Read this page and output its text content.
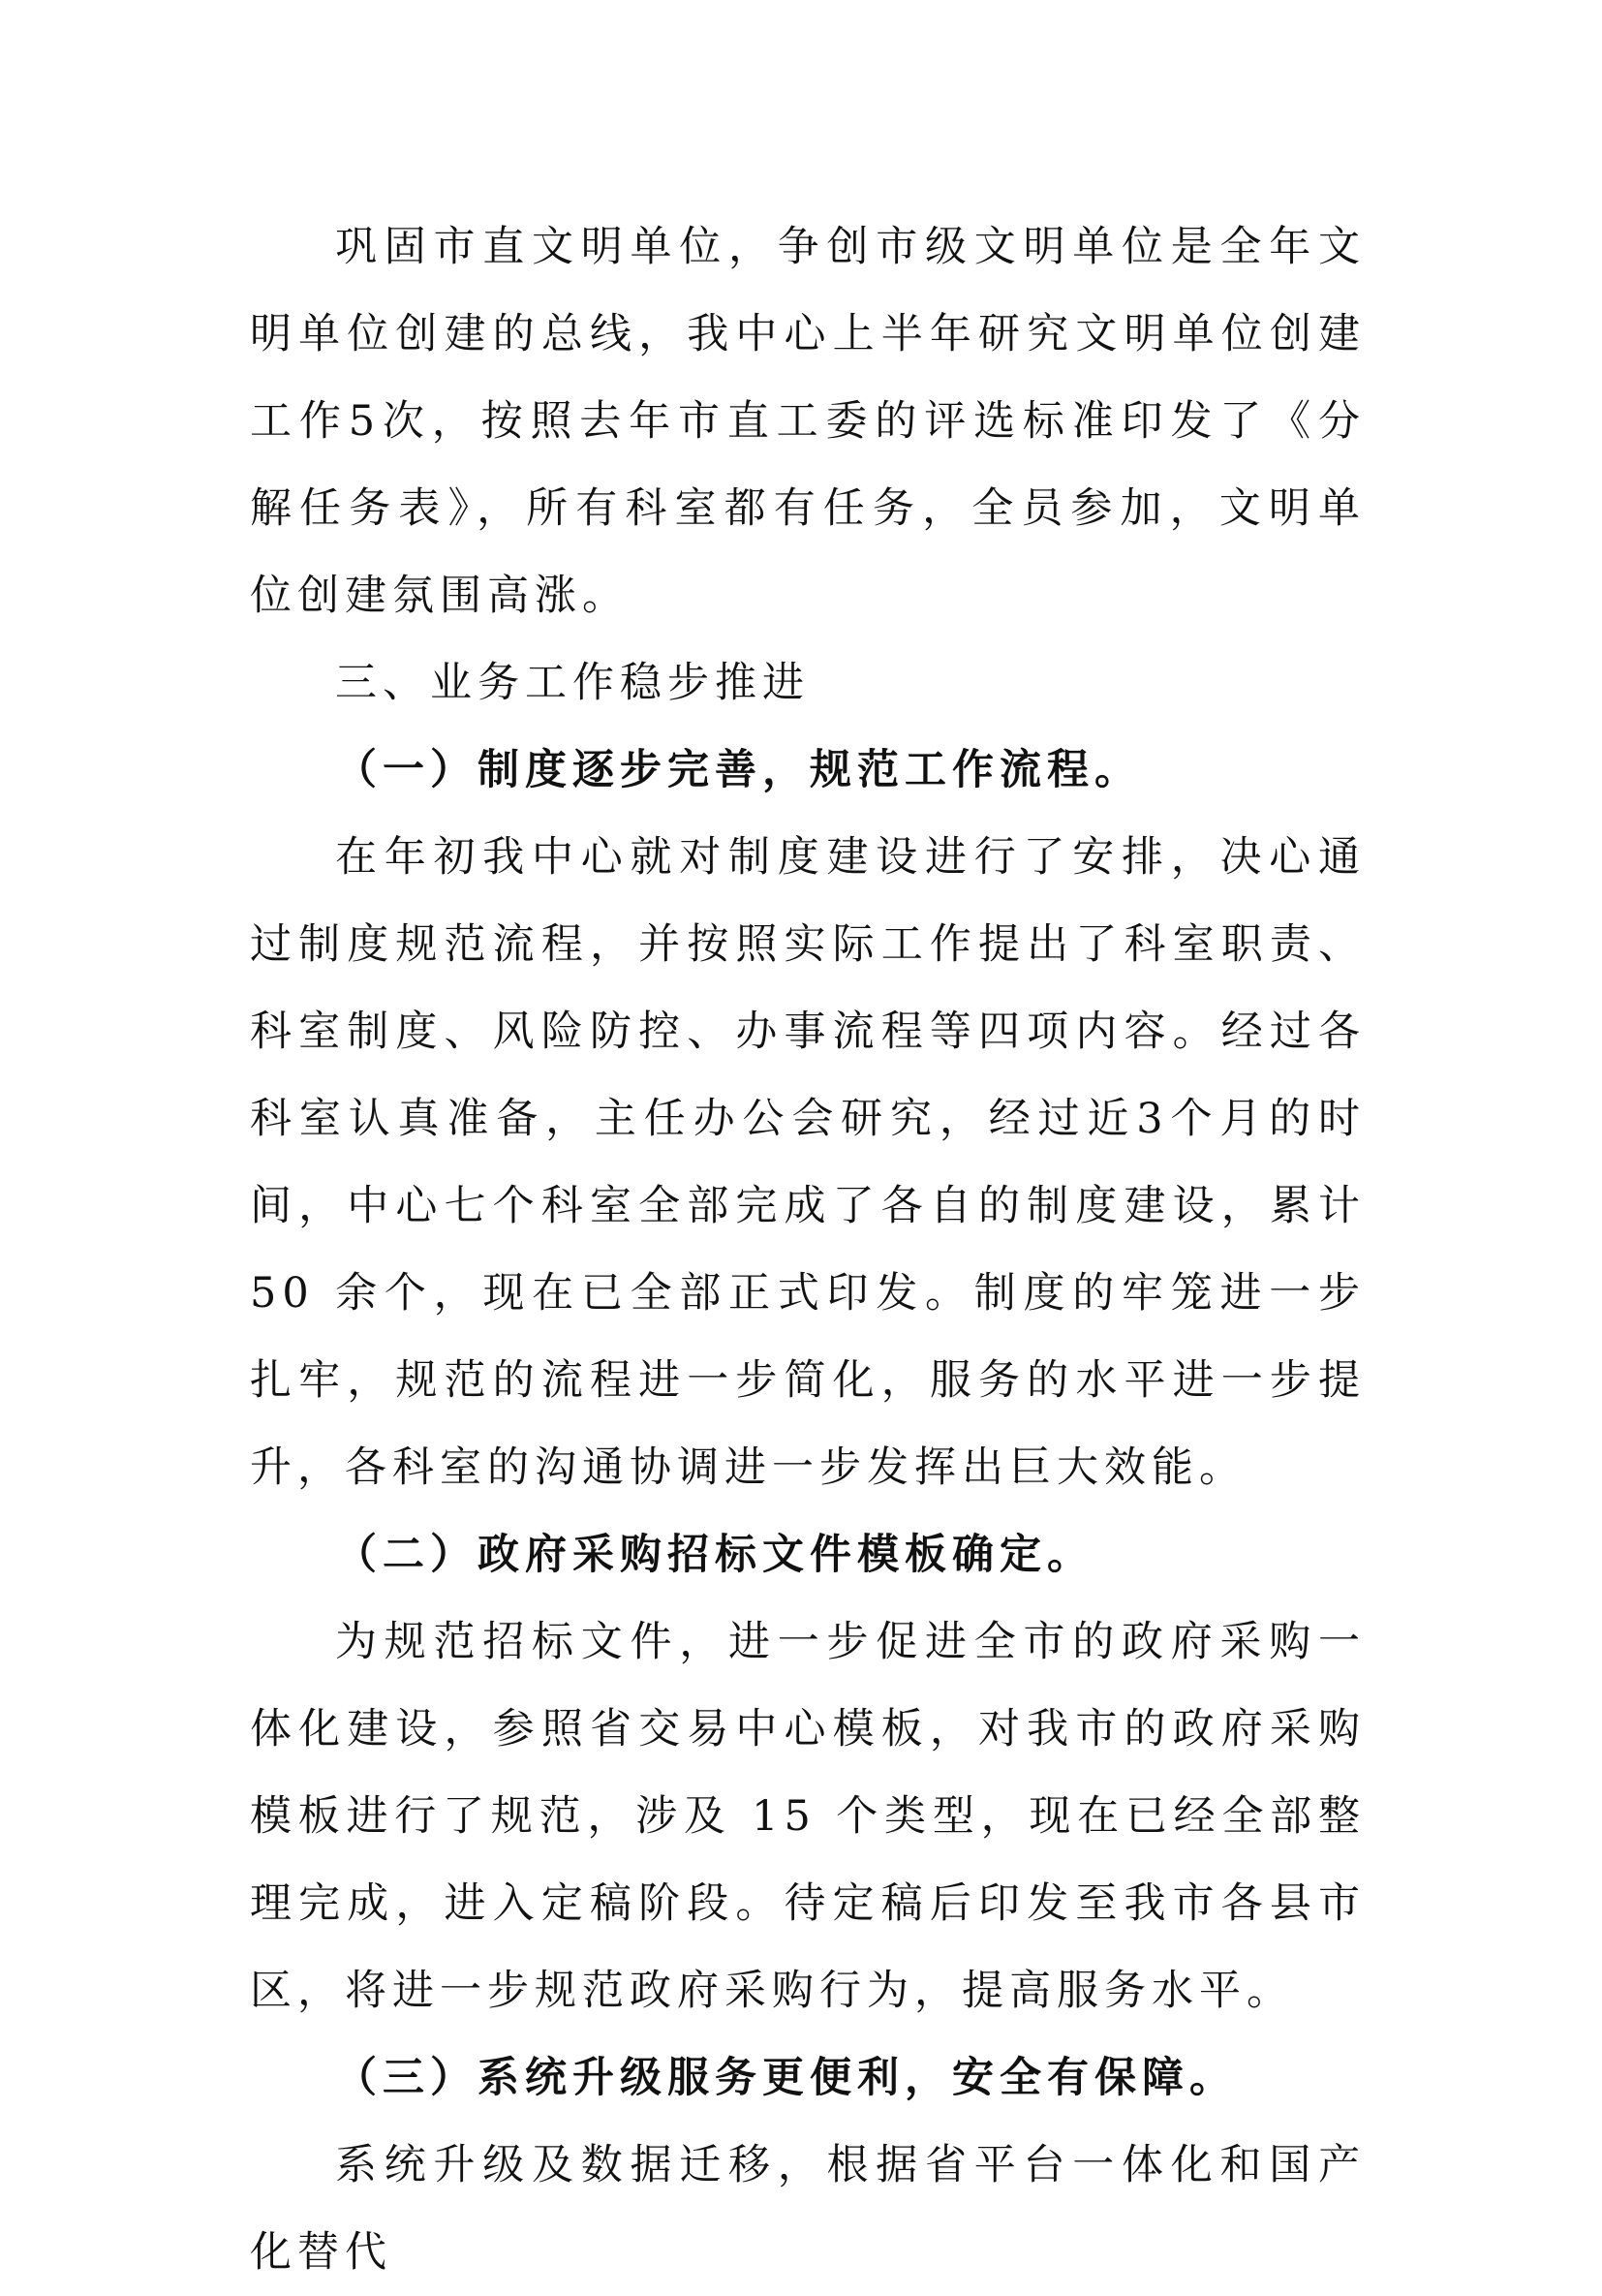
巩固市直文明单位，争创市级文明单位是全年文明单位创建的总线，我中心上半年研究文明单位创建工作5次，按照去年市直工委的评选标准印发了《分解任务表》，所有科室都有任务，全员参加，文明单位创建氛围高涨。

三、业务工作稳步推进

（一）制度逐步完善，规范工作流程。

在年初我中心就对制度建设进行了安排，决心通过制度规范流程，并按照实际工作提出了科室职责、科室制度、风险防控、办事流程等四项内容。经过各科室认真准备，主任办公会研究，经过近3个月的时间，中心七个科室全部完成了各自的制度建设，累计 50 余个，现在已全部正式印发。制度的牢笼进一步扎牢，规范的流程进一步简化，服务的水平进一步提升，各科室的沟通协调进一步发挥出巨大效能。

（二）政府采购招标文件模板确定。

为规范招标文件，进一步促进全市的政府采购一体化建设，参照省交易中心模板，对我市的政府采购模板进行了规范，涉及 15 个类型，现在已经全部整理完成，进入定稿阶段。待定稿后印发至我市各县市区，将进一步规范政府采购行为，提高服务水平。

（三）系统升级服务更便利，安全有保障。

系统升级及数据迁移，根据省平台一体化和国产化替代
